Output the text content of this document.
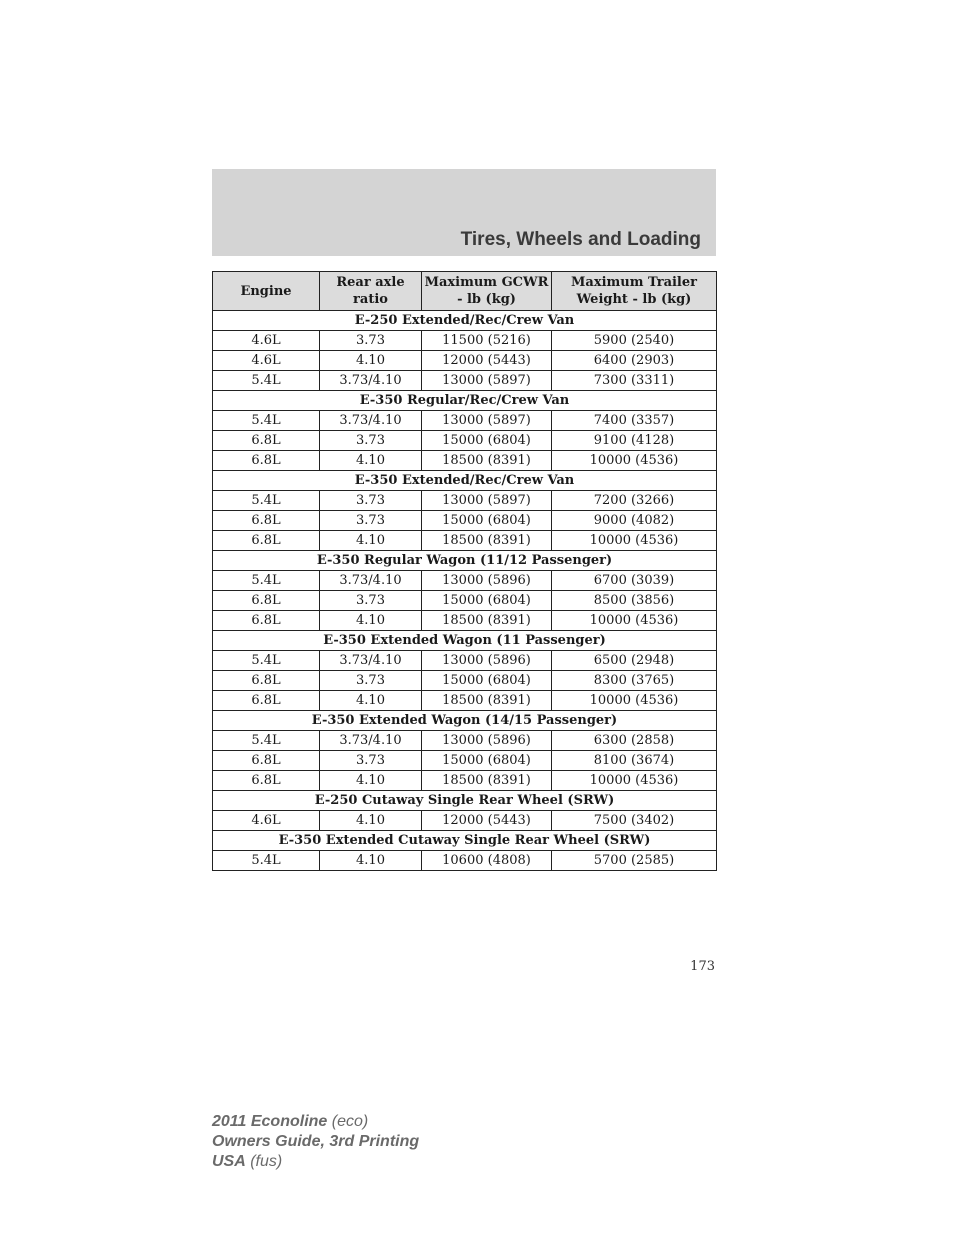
Tires, Wheels and Loading
Engine	Rear axle ratio	Maximum GCWR - lb (kg)	Maximum Trailer Weight - lb (kg)
E-250 Extended/Rec/Crew Van			
4.6L	3.73	11500 (5216)	5900 (2540)
4.6L	4.10	12000 (5443)	6400 (2903)
5.4L	3.73/4.10	13000 (5897)	7300 (3311)
E-350 Regular/Rec/Crew Van			
5.4L	3.73/4.10	13000 (5897)	7400 (3357)
6.8L	3.73	15000 (6804)	9100 (4128)
6.8L	4.10	18500 (8391)	10000 (4536)
E-350 Extended/Rec/Crew Van			
5.4L	3.73	13000 (5897)	7200 (3266)
6.8L	3.73	15000 (6804)	9000 (4082)
6.8L	4.10	18500 (8391)	10000 (4536)
E-350 Regular Wagon (11/12 Passenger)			
5.4L	3.73/4.10	13000 (5896)	6700 (3039)
6.8L	3.73	15000 (6804)	8500 (3856)
6.8L	4.10	18500 (8391)	10000 (4536)
E-350 Extended Wagon (11 Passenger)			
5.4L	3.73/4.10	13000 (5896)	6500 (2948)
6.8L	3.73	15000 (6804)	8300 (3765)
6.8L	4.10	18500 (8391)	10000 (4536)
E-350 Extended Wagon (14/15 Passenger)			
5.4L	3.73/4.10	13000 (5896)	6300 (2858)
6.8L	3.73	15000 (6804)	8100 (3674)
6.8L	4.10	18500 (8391)	10000 (4536)
E-250 Cutaway Single Rear Wheel (SRW)			
4.6L	4.10	12000 (5443)	7500 (3402)
E-350 Extended Cutaway Single Rear Wheel (SRW)			
5.4L	4.10	10600 (4808)	5700 (2585)
173
2011 Econoline (eco)
Owners Guide, 3rd Printing
USA (fus)
